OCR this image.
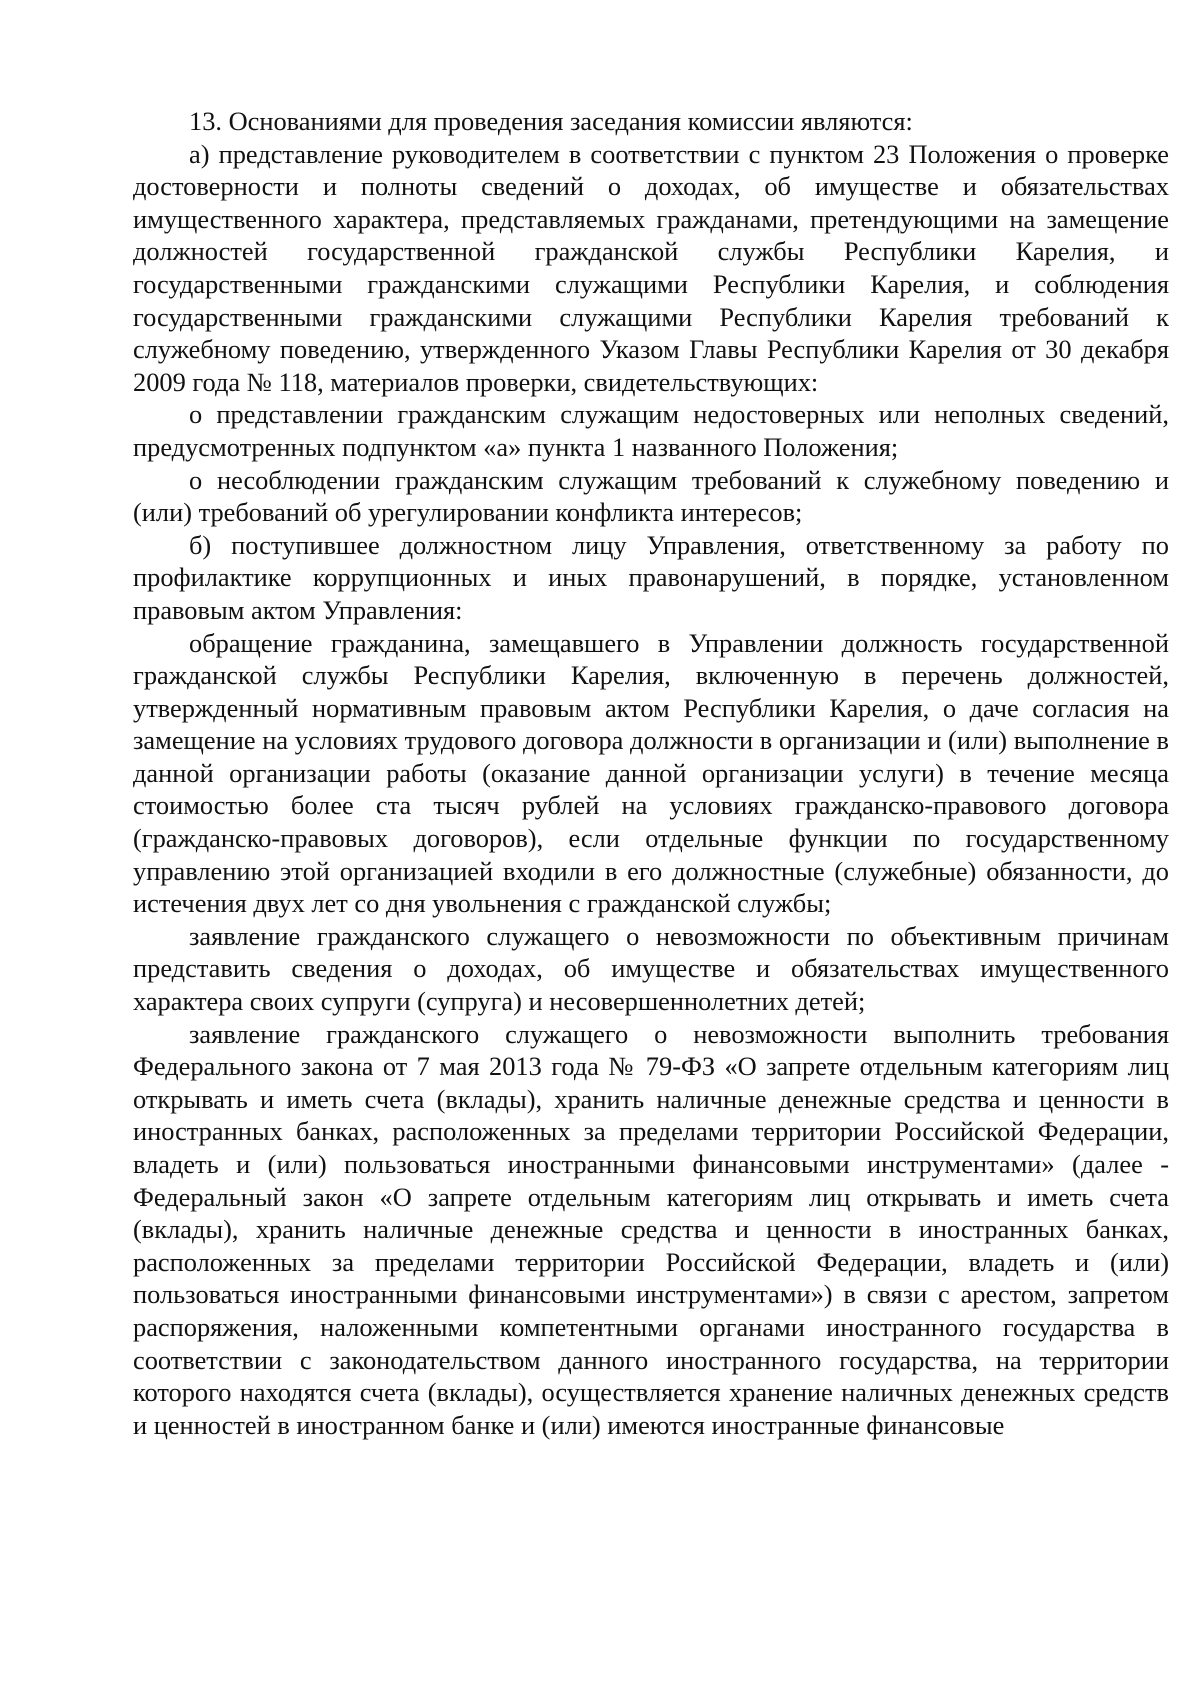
13. Основаниями для проведения заседания комиссии являются:

а) представление руководителем в соответствии с пунктом 23 Положения о проверке достоверности и полноты сведений о доходах, об имуществе и обязательствах имущественного характера, представляемых гражданами, претендующими на замещение должностей государственной гражданской службы Республики Карелия, и государственными гражданскими служащими Республики Карелия, и соблюдения государственными гражданскими служащими Республики Карелия требований к служебному поведению, утвержденного Указом Главы Республики Карелия от 30 декабря 2009 года № 118, материалов проверки, свидетельствующих:

о представлении гражданским служащим недостоверных или неполных сведений, предусмотренных подпунктом «а» пункта 1 названного Положения;

о несоблюдении гражданским служащим требований к служебному поведению и (или) требований об урегулировании конфликта интересов;

б) поступившее должностном лицу Управления, ответственному за работу по профилактике коррупционных и иных правонарушений, в порядке, установленном правовым актом Управления:

обращение гражданина, замещавшего в Управлении должность государственной гражданской службы Республики Карелия, включенную в перечень должностей, утвержденный нормативным правовым актом Республики Карелия, о даче согласия на замещение на условиях трудового договора должности в организации и (или) выполнение в данной организации работы (оказание данной организации услуги) в течение месяца стоимостью более ста тысяч рублей на условиях гражданско-правового договора (гражданско-правовых договоров), если отдельные функции по государственному управлению этой организацией входили в его должностные (служебные) обязанности, до истечения двух лет со дня увольнения с гражданской службы;

заявление гражданского служащего о невозможности по объективным причинам представить сведения о доходах, об имуществе и обязательствах имущественного характера своих супруги (супруга) и несовершеннолетних детей;

заявление гражданского служащего о невозможности выполнить требования Федерального закона от 7 мая 2013 года № 79-ФЗ «О запрете отдельным категориям лиц открывать и иметь счета (вклады), хранить наличные денежные средства и ценности в иностранных банках, расположенных за пределами территории Российской Федерации, владеть и (или) пользоваться иностранными финансовыми инструментами» (далее - Федеральный закон «О запрете отдельным категориям лиц открывать и иметь счета (вклады), хранить наличные денежные средства и ценности в иностранных банках, расположенных за пределами территории Российской Федерации, владеть и (или) пользоваться иностранными финансовыми инструментами») в связи с арестом, запретом распоряжения, наложенными компетентными органами иностранного государства в соответствии с законодательством данного иностранного государства, на территории которого находятся счета (вклады), осуществляется хранение наличных денежных средств и ценностей в иностранном банке и (или) имеются иностранные финансовые
